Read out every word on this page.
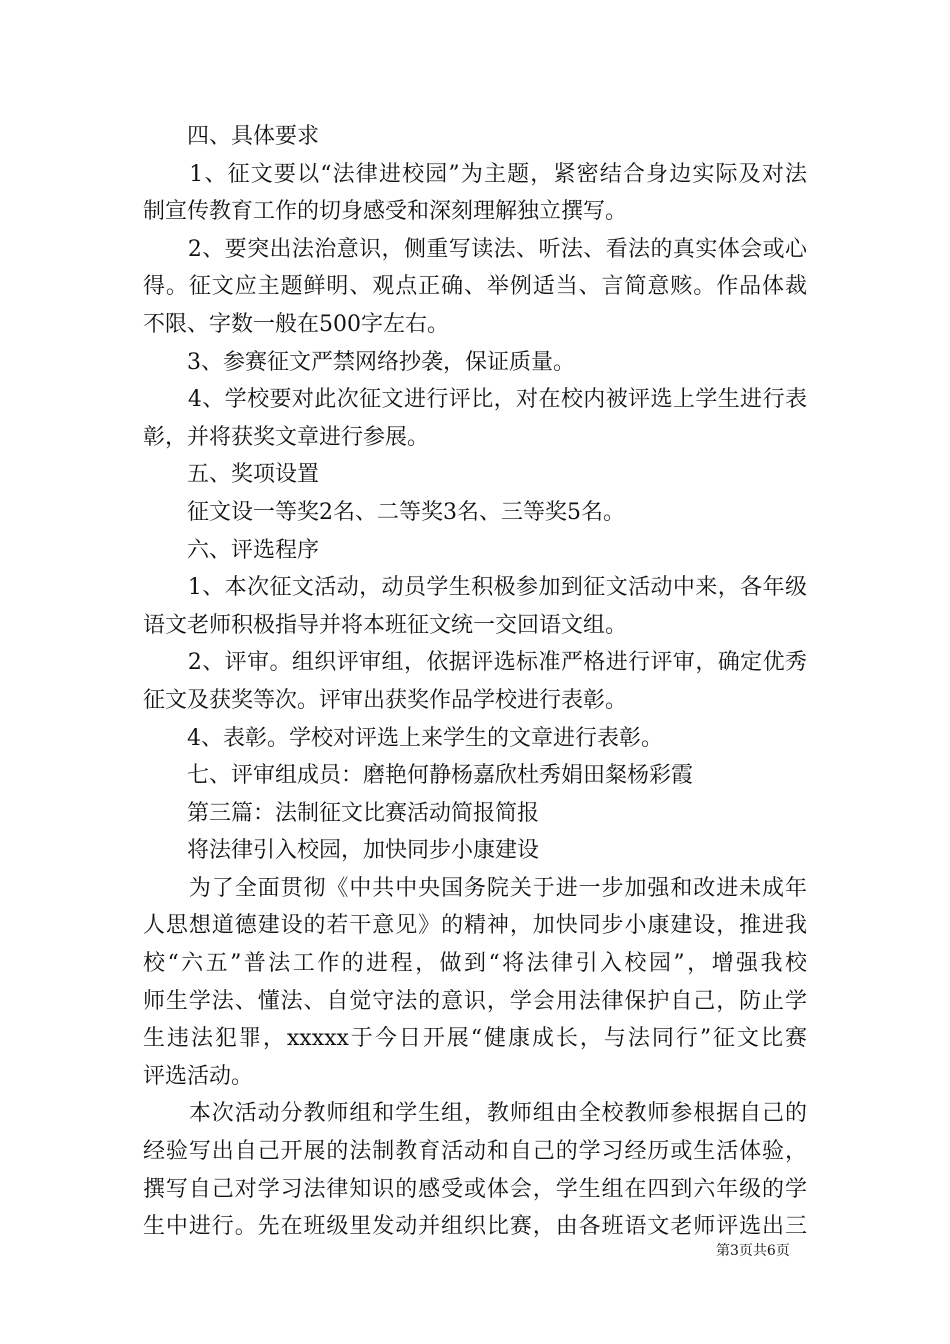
　　四、具体要求
　　1、征文要以“法律进校园”为主题，紧密结合身边实际及对法
制宣传教育工作的切身感受和深刻理解独立撰写。
　　2、要突出法治意识，侧重写读法、听法、看法的真实体会或心
得。征文应主题鲜明、观点正确、举例适当、言简意赅。作品体裁
不限、字数一般在500字左右。
　　3、参赛征文严禁网络抄袭，保证质量。
　　4、学校要对此次征文进行评比，对在校内被评选上学生进行表
彰，并将获奖文章进行参展。
　　五、奖项设置
　　征文设一等奖2名、二等奖3名、三等奖5名。
　　六、评选程序
　　1、本次征文活动，动员学生积极参加到征文活动中来，各年级
语文老师积极指导并将本班征文统一交回语文组。
　　2、评审。组织评审组，依据评选标准严格进行评审，确定优秀
征文及获奖等次。评审出获奖作品学校进行表彰。
　　4、表彰。学校对评选上来学生的文章进行表彰。
　　七、评审组成员：磨艳何静杨嘉欣杜秀娟田粲杨彩霞
　　第三篇：法制征文比赛活动简报简报
　　将法律引入校园，加快同步小康建设
　　为了全面贯彻《中共中央国务院关于进一步加强和改进未成年
人思想道德建设的若干意见》的精神，加快同步小康建设，推进我
校“六五”普法工作的进程，做到“将法律引入校园”，增强我校
师生学法、懂法、自觉守法的意识，学会用法律保护自己，防止学
生违法犯罪，xxxxx于今日开展“健康成长，与法同行”征文比赛
评选活动。
　　本次活动分教师组和学生组，教师组由全校教师参根据自己的
经验写出自己开展的法制教育活动和自己的学习经历或生活体验，
撰写自己对学习法律知识的感受或体会，学生组在四到六年级的学
生中进行。先在班级里发动并组织比赛，由各班语文老师评选出三
第3页共6页
